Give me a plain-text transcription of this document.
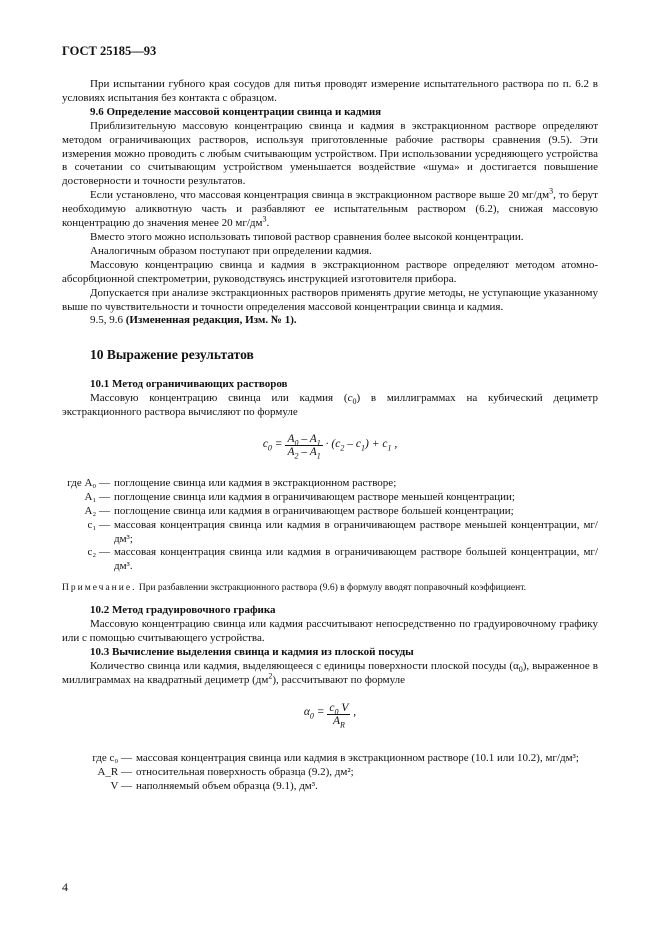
ГОСТ 25185—93

При испытании губного края сосудов для питья проводят измерение испытательного раствора по п. 6.2 в условиях испытания без контакта с образцом.

9.6 Определение массовой концентрации свинца и кадмия

Приблизительную массовую концентрацию свинца и кадмия в экстракционном растворе определяют методом ограничивающих растворов, используя приготовленные рабочие растворы сравнения (9.5). Эти измерения можно проводить с любым считывающим устройством. При использовании усредняющего устройства в сочетании со считывающим устройством уменьшается воздействие «шума» и достигается повышение достоверности и точности результатов.

Если установлено, что массовая концентрация свинца в экстракционном растворе выше 20 $мг/дм^3$, то берут необходимую аликвотную часть и разбавляют ее испытательным раствором (6.2), снижая массовую концентрацию до значения менее 20 $мг/дм^3$.

Вместо этого можно использовать типовой раствор сравнения более высокой концентрации.

Аналогичным образом поступают при определении кадмия.

Массовую концентрацию свинца и кадмия в экстракционном растворе определяют методом атомно-абсорбционной спектрометрии, руководствуясь инструкцией изготовителя прибора.

Допускается при анализе экстракционных растворов применять другие методы, не уступающие указанному выше по чувствительности и точности определения массовой концентрации свинца и кадмия.

9.5, 9.6 (Измененная редакция, Изм. № 1).

10 Выражение результатов

10.1 Метод ограничивающих растворов

Массовую концентрацию свинца или кадмия $(c_0)$ в миллиграммах на кубический дециметр экстракционного раствора вычисляют по формуле

$c_0 = \frac{A_0 - A_1}{A_2 - A_1} \cdot (c_2 - c_1) + c_1$ ,
где A₀ — поглощение свинца или кадмия в экстракционном растворе;
A₁ — поглощение свинца или кадмия в ограничивающем растворе меньшей концентрации;
A₂ — поглощение свинца или кадмия в ограничивающем растворе большей концентрации;
c₁ — массовая концентрация свинца или кадмия в ограничивающем растворе меньшей концентрации, мг/дм³;
c₂ — массовая концентрация свинца или кадмия в ограничивающем растворе большей концентрации, мг/дм³.

Примечание. При разбавлении экстракционного раствора (9.6) в формулу вводят поправочный коэффициент.

10.2 Метод градуировочного графика

Массовую концентрацию свинца или кадмия рассчитывают непосредственно по градуировочному графику или с помощью считывающего устройства.

10.3 Вычисление выделения свинца и кадмия из плоской посуды

Количество свинца или кадмия, выделяющееся с единицы поверхности плоской посуды $(\alpha_0)$, выраженное в миллиграммах на квадратный дециметр $(дм^2)$, рассчитывают по формуле

$\alpha_0 = \frac{c_0 V}{A_R}$ ,
где c₀ — массовая концентрация свинца или кадмия в экстракционном растворе (10.1 или 10.2), мг/дм³;
A_R — относительная поверхность образца (9.2), дм²;
V — наполняемый объем образца (9.1), дм³.
4
